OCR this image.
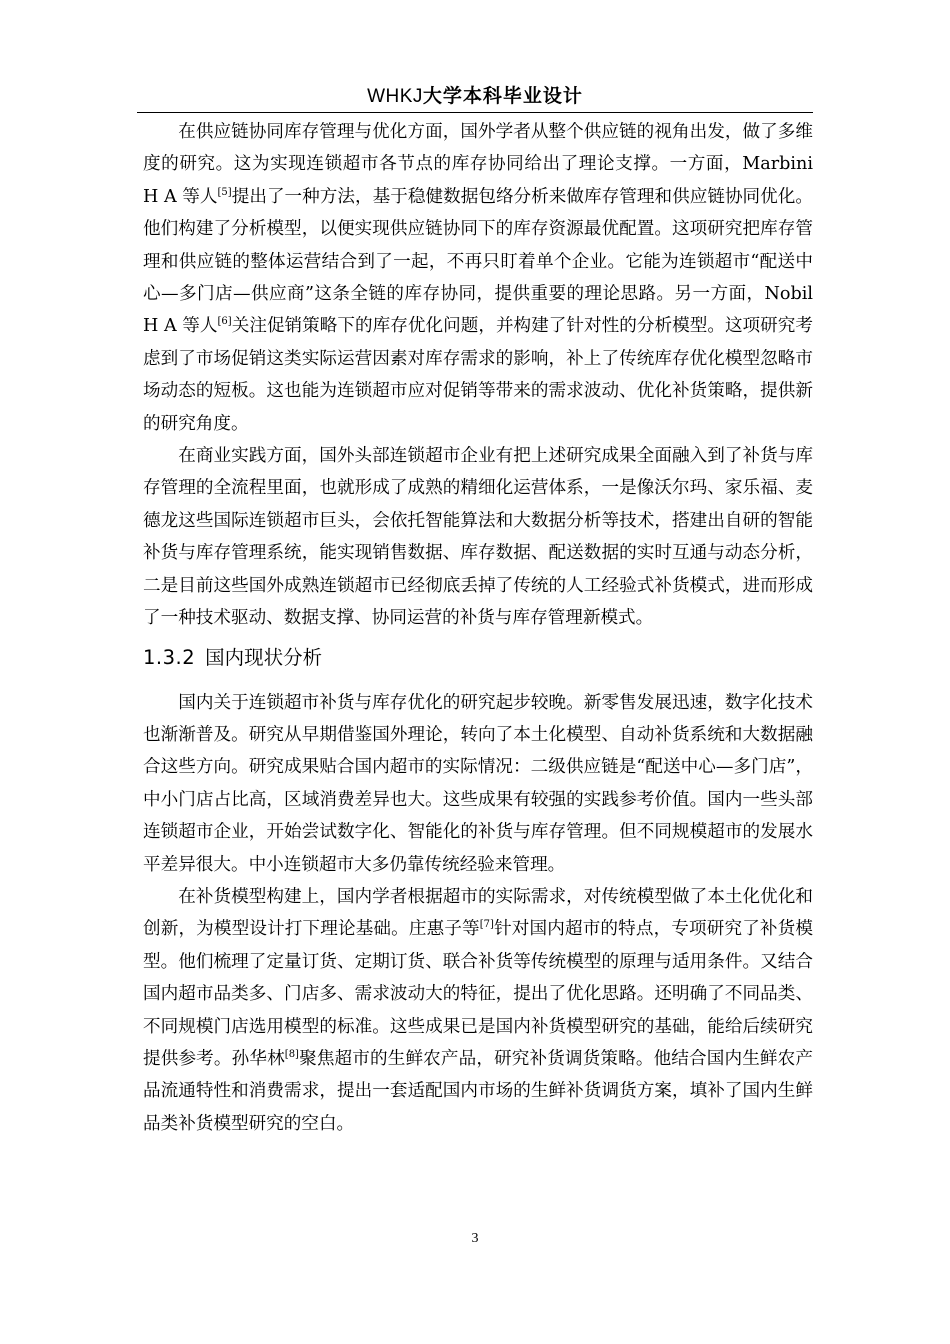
WHKJ大学本科毕业设计

在供应链协同库存管理与优化方面，国外学者从整个供应链的视角出发，做了多维度的研究。这为实现连锁超市各节点的库存协同给出了理论支撑。一方面，Marbini H A 等人[5]提出了一种方法，基于稳健数据包络分析来做库存管理和供应链协同优化。他们构建了分析模型，以便实现供应链协同下的库存资源最优配置。这项研究把库存管理和供应链的整体运营结合到了一起，不再只盯着单个企业。它能为连锁超市“配送中心—多门店—供应商”这条全链的库存协同，提供重要的理论思路。另一方面，Nobil H A 等人[6]关注促销策略下的库存优化问题，并构建了针对性的分析模型。这项研究考虑到了市场促销这类实际运营因素对库存需求的影响，补上了传统库存优化模型忽略市场动态的短板。这也能为连锁超市应对促销等带来的需求波动、优化补货策略，提供新的研究角度。

在商业实践方面，国外头部连锁超市企业有把上述研究成果全面融入到了补货与库存管理的全流程里面，也就形成了成熟的精细化运营体系，一是像沃尔玛、家乐福、麦德龙这些国际连锁超市巨头，会依托智能算法和大数据分析等技术，搭建出自研的智能补货与库存管理系统，能实现销售数据、库存数据、配送数据的实时互通与动态分析，二是目前这些国外成熟连锁超市已经彻底丢掉了传统的人工经验式补货模式，进而形成了一种技术驱动、数据支撑、协同运营的补货与库存管理新模式。

1.3.2 国内现状分析

国内关于连锁超市补货与库存优化的研究起步较晚。新零售发展迅速，数字化技术也渐渐普及。研究从早期借鉴国外理论，转向了本土化模型、自动补货系统和大数据融合这些方向。研究成果贴合国内超市的实际情况：二级供应链是“配送中心—多门店”，中小门店占比高，区域消费差异也大。这些成果有较强的实践参考价值。国内一些头部连锁超市企业，开始尝试数字化、智能化的补货与库存管理。但不同规模超市的发展水平差异很大。中小连锁超市大多仍靠传统经验来管理。

在补货模型构建上，国内学者根据超市的实际需求，对传统模型做了本土化优化和创新，为模型设计打下理论基础。庄惠子等[7]针对国内超市的特点，专项研究了补货模型。他们梳理了定量订货、定期订货、联合补货等传统模型的原理与适用条件。又结合国内超市品类多、门店多、需求波动大的特征，提出了优化思路。还明确了不同品类、不同规模门店选用模型的标准。这些成果已是国内补货模型研究的基础，能给后续研究提供参考。孙华林[8]聚焦超市的生鲜农产品，研究补货调货策略。他结合国内生鲜农产品流通特性和消费需求，提出一套适配国内市场的生鲜补货调货方案，填补了国内生鲜品类补货模型研究的空白。

3
